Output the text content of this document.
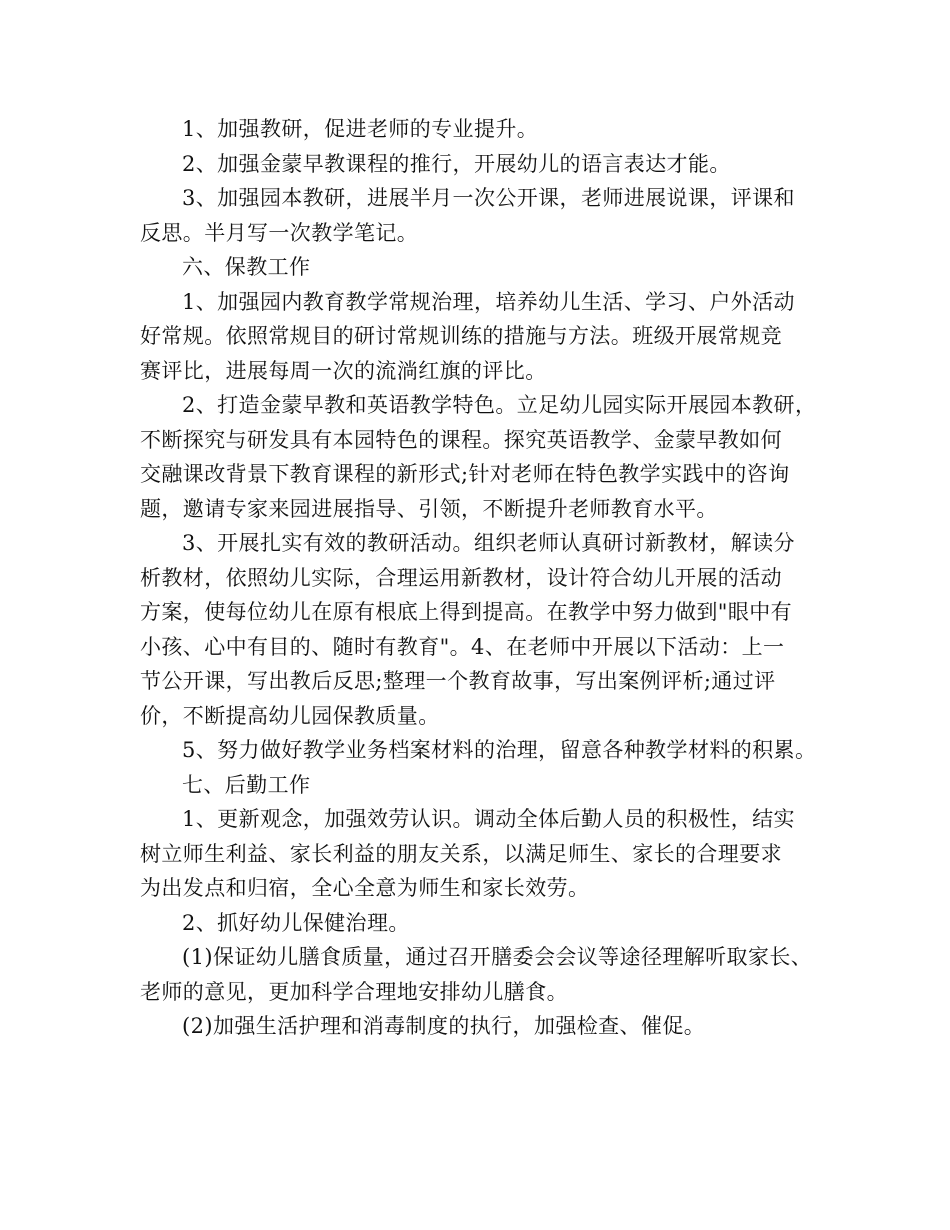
1、加强教研，促进老师的专业提升。
2、加强金蒙早教课程的推行，开展幼儿的语言表达才能。
3、加强园本教研，进展半月一次公开课，老师进展说课，评课和
反思。半月写一次教学笔记。
六、保教工作
1、加强园内教育教学常规治理，培养幼儿生活、学习、户外活动
好常规。依照常规目的研讨常规训练的措施与方法。班级开展常规竞
赛评比，进展每周一次的流淌红旗的评比。
2、打造金蒙早教和英语教学特色。立足幼儿园实际开展园本教研，
不断探究与研发具有本园特色的课程。探究英语教学、金蒙早教如何
交融课改背景下教育课程的新形式;针对老师在特色教学实践中的咨询
题，邀请专家来园进展指导、引领，不断提升老师教育水平。
3、开展扎实有效的教研活动。组织老师认真研讨新教材，解读分
析教材，依照幼儿实际，合理运用新教材，设计符合幼儿开展的活动
方案，使每位幼儿在原有根底上得到提高。在教学中努力做到"眼中有
小孩、心中有目的、随时有教育"。4、在老师中开展以下活动：上一
节公开课，写出教后反思;整理一个教育故事，写出案例评析;通过评
价，不断提高幼儿园保教质量。
5、努力做好教学业务档案材料的治理，留意各种教学材料的积累。
七、后勤工作
1、更新观念，加强效劳认识。调动全体后勤人员的积极性，结实
树立师生利益、家长利益的朋友关系，以满足师生、家长的合理要求
为出发点和归宿，全心全意为师生和家长效劳。
2、抓好幼儿保健治理。
(1)保证幼儿膳食质量，通过召开膳委会会议等途径理解听取家长、
老师的意见，更加科学合理地安排幼儿膳食。
(2)加强生活护理和消毒制度的执行，加强检查、催促。
